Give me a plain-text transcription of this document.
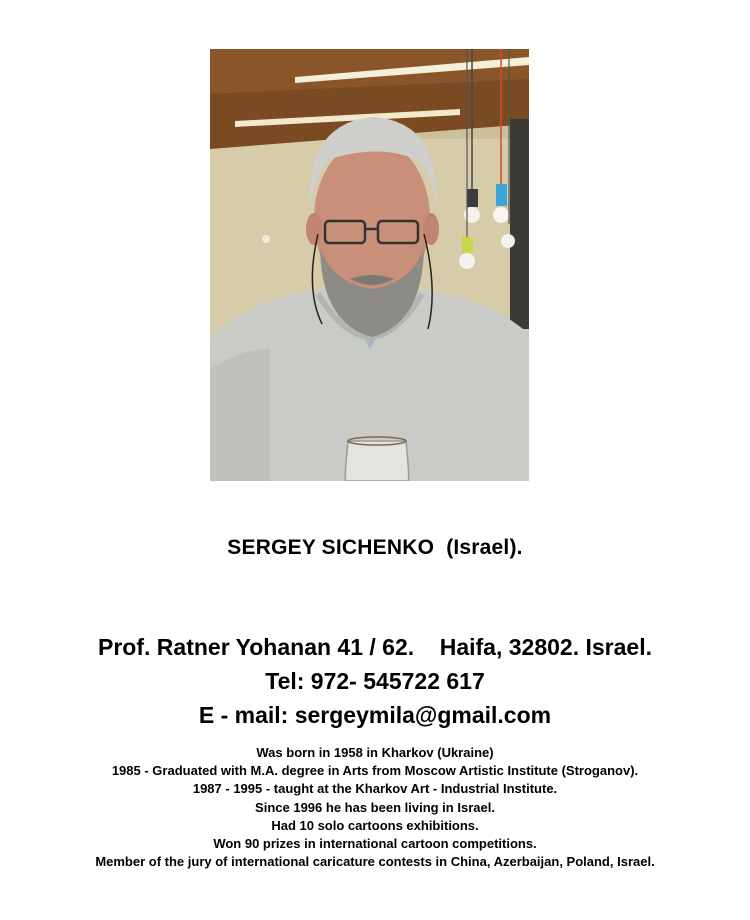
SERGEY SICHENKO  (Israel).
Prof. Ratner Yohanan 41 / 62.    Haifa, 32802. Israel.
Tel: 972- 545722 617
E - mail: sergeymila@gmail.com
Was born in 1958 in Kharkov (Ukraine)
1985 - Graduated with M.A. degree in Arts from Moscow Artistic Institute (Stroganov).
1987 - 1995 - taught at the Kharkov Art - Industrial Institute.
Since 1996 he has been living in Israel.
Had 10 solo cartoons exhibitions.
Won 90 prizes in international cartoon competitions.
Member of the jury of international caricature contests in China, Azerbaijan, Poland, Israel.
